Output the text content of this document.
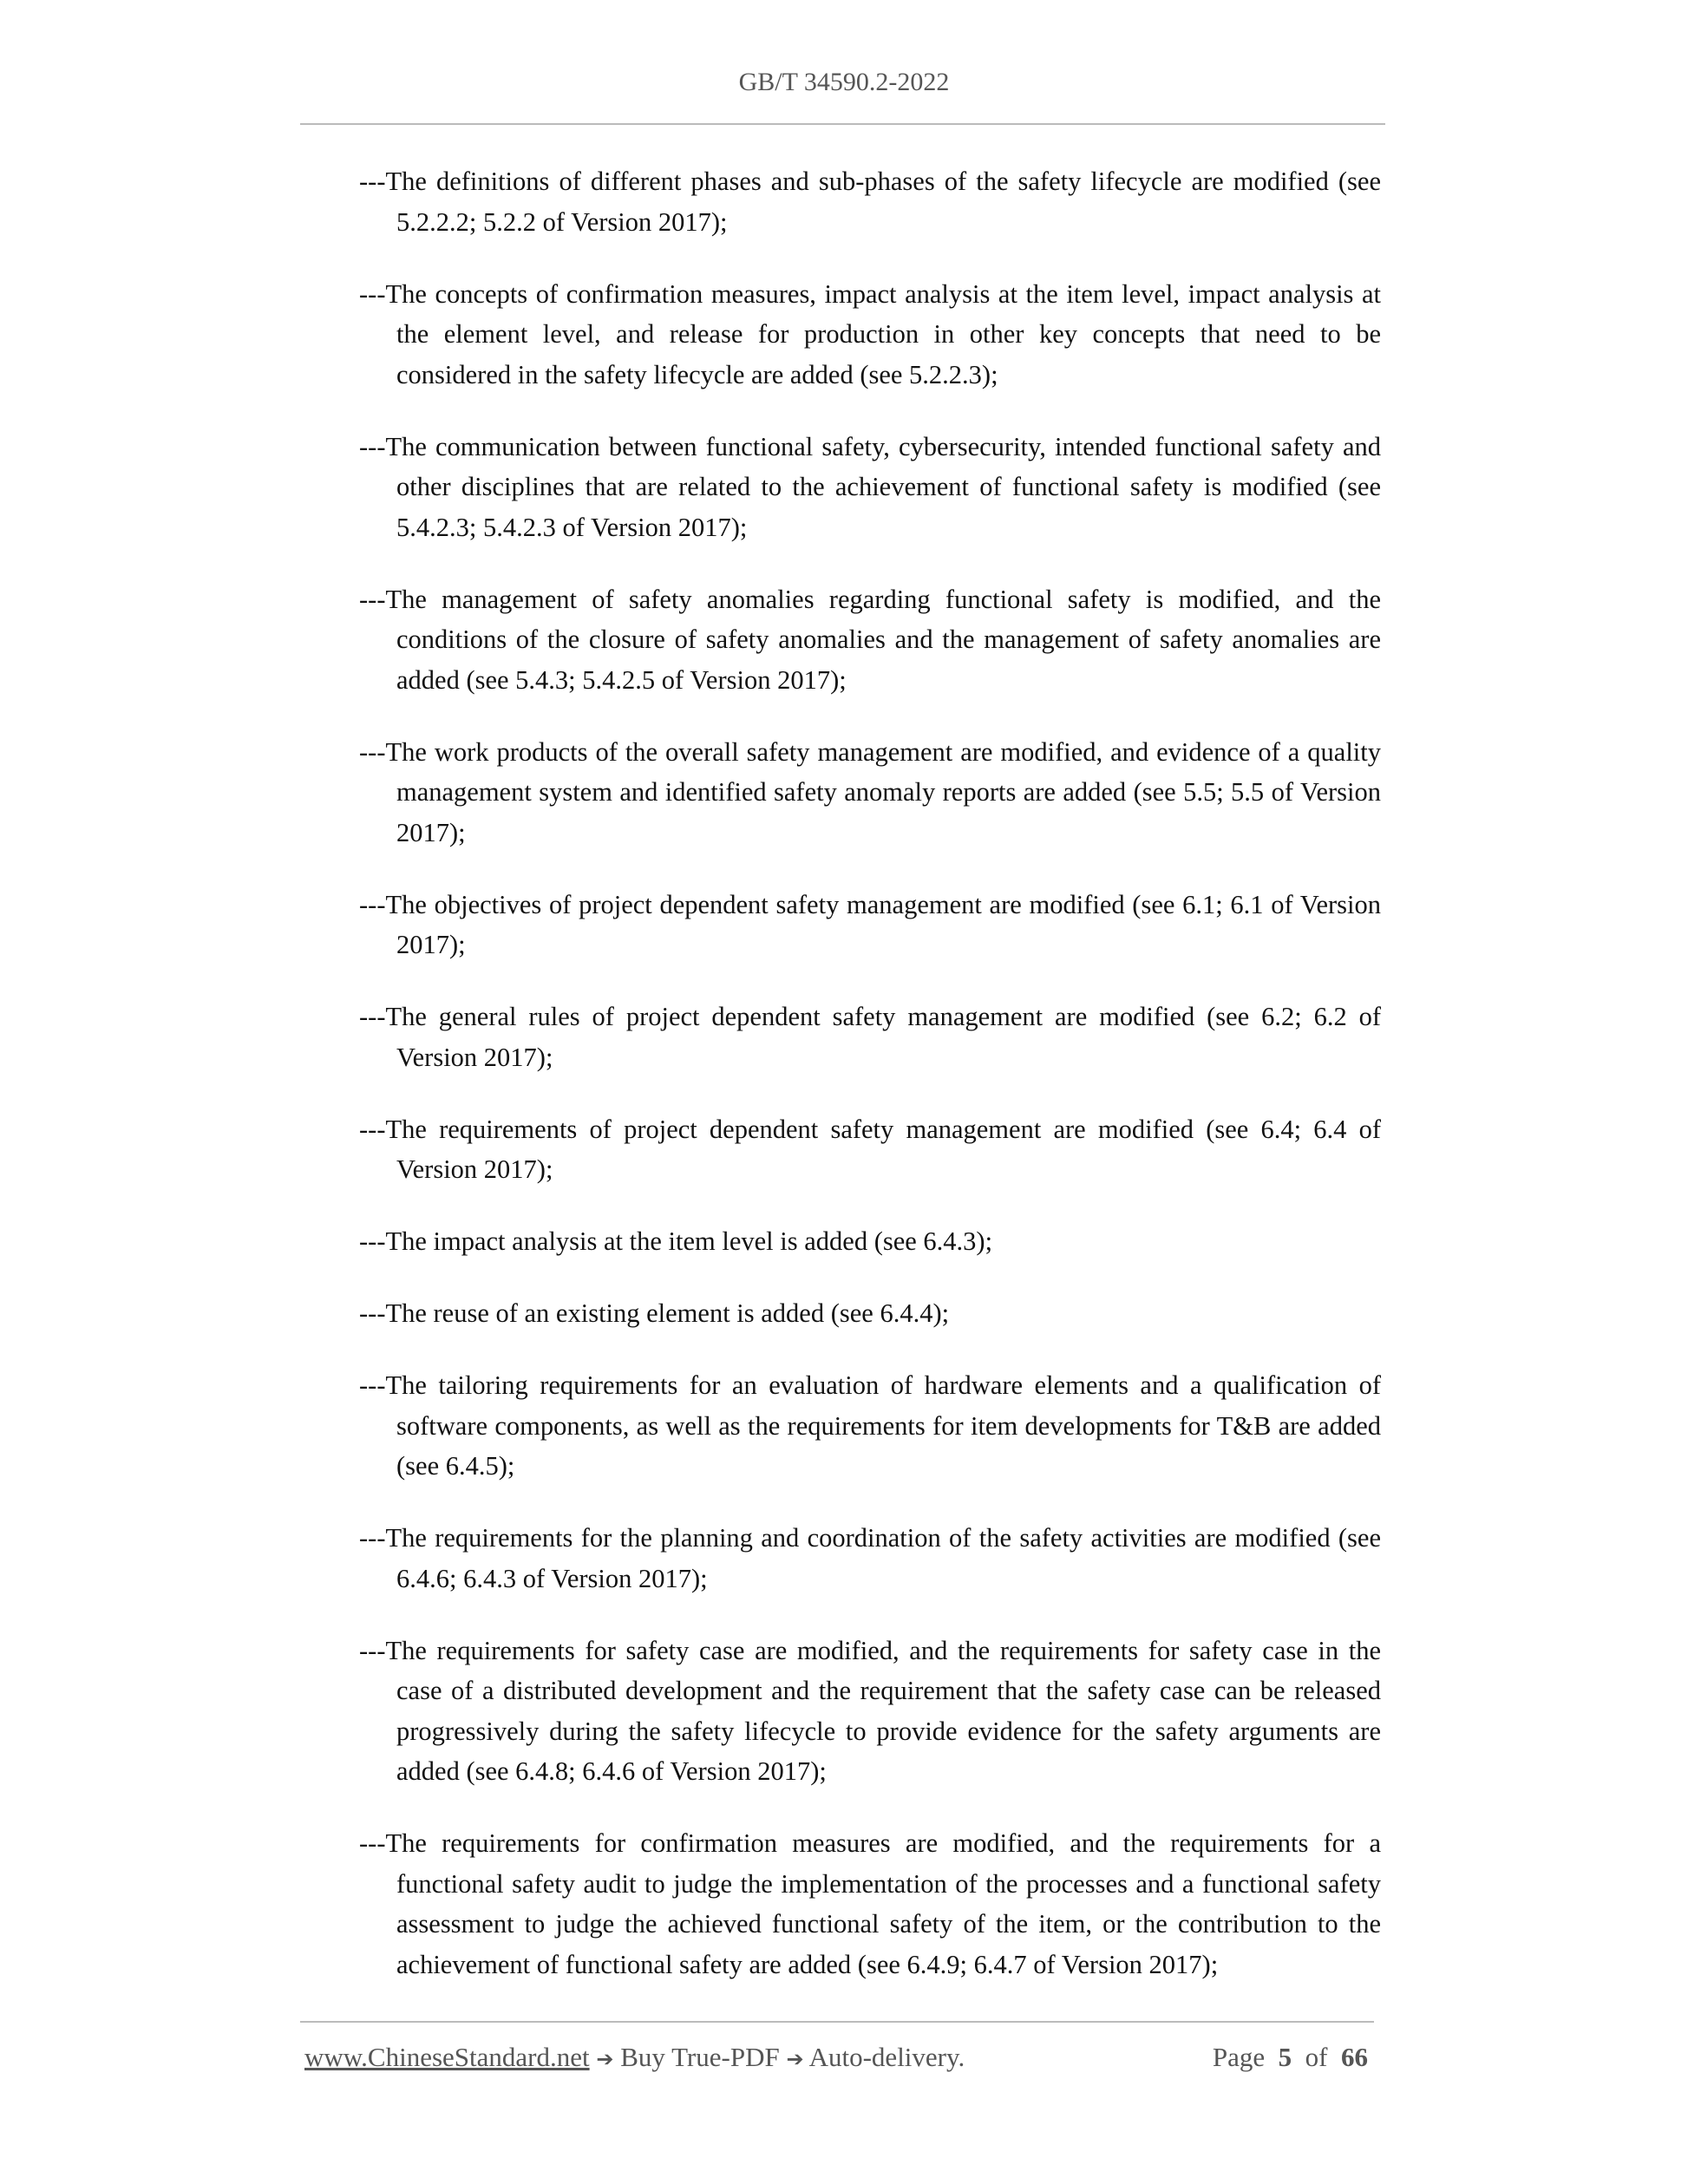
GB/T 34590.2-2022

---The definitions of different phases and sub-phases of the safety lifecycle are modified (see 5.2.2.2; 5.2.2 of Version 2017);

---The concepts of confirmation measures, impact analysis at the item level, impact analysis at the element level, and release for production in other key concepts that need to be considered in the safety lifecycle are added (see 5.2.2.3);

---The communication between functional safety, cybersecurity, intended functional safety and other disciplines that are related to the achievement of functional safety is modified (see 5.4.2.3; 5.4.2.3 of Version 2017);

---The management of safety anomalies regarding functional safety is modified, and the conditions of the closure of safety anomalies and the management of safety anomalies are added (see 5.4.3; 5.4.2.5 of Version 2017);

---The work products of the overall safety management are modified, and evidence of a quality management system and identified safety anomaly reports are added (see 5.5; 5.5 of Version 2017);

---The objectives of project dependent safety management are modified (see 6.1; 6.1 of Version 2017);

---The general rules of project dependent safety management are modified (see 6.2; 6.2 of Version 2017);

---The requirements of project dependent safety management are modified (see 6.4; 6.4 of Version 2017);

---The impact analysis at the item level is added (see 6.4.3);

---The reuse of an existing element is added (see 6.4.4);

---The tailoring requirements for an evaluation of hardware elements and a qualification of software components, as well as the requirements for item developments for T&B are added (see 6.4.5);

---The requirements for the planning and coordination of the safety activities are modified (see 6.4.6; 6.4.3 of Version 2017);

---The requirements for safety case are modified, and the requirements for safety case in the case of a distributed development and the requirement that the safety case can be released progressively during the safety lifecycle to provide evidence for the safety arguments are added (see 6.4.8; 6.4.6 of Version 2017);

---The requirements for confirmation measures are modified, and the requirements for a functional safety audit to judge the implementation of the processes and a functional safety assessment to judge the achieved functional safety of the item, or the contribution to the achievement of functional safety are added (see 6.4.9; 6.4.7 of Version 2017);

www.ChineseStandard.net ➔ Buy True-PDF ➔ Auto-delivery.	Page 5 of 66
